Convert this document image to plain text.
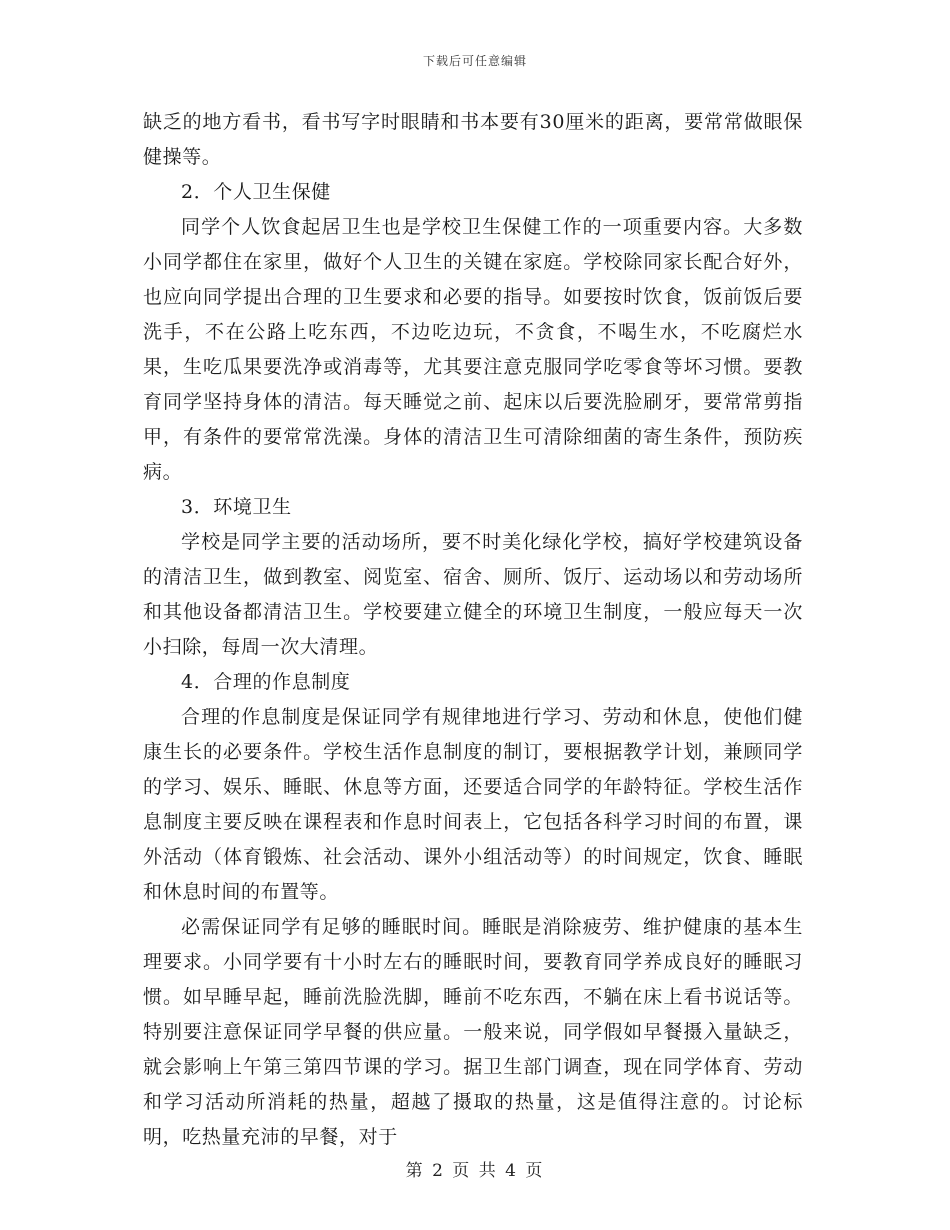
下载后可任意编辑

缺乏的地方看书，看书写字时眼睛和书本要有30厘米的距离，要常常做眼保健操等。

2．个人卫生保健

同学个人饮食起居卫生也是学校卫生保健工作的一项重要内容。大多数小同学都住在家里，做好个人卫生的关键在家庭。学校除同家长配合好外，也应向同学提出合理的卫生要求和必要的指导。如要按时饮食，饭前饭后要洗手，不在公路上吃东西，不边吃边玩，不贪食，不喝生水，不吃腐烂水果，生吃瓜果要洗净或消毒等，尤其要注意克服同学吃零食等坏习惯。要教育同学坚持身体的清洁。每天睡觉之前、起床以后要洗脸刷牙，要常常剪指甲，有条件的要常常洗澡。身体的清洁卫生可清除细菌的寄生条件，预防疾病。

3．环境卫生

学校是同学主要的活动场所，要不时美化绿化学校，搞好学校建筑设备的清洁卫生，做到教室、阅览室、宿舍、厕所、饭厅、运动场以和劳动场所和其他设备都清洁卫生。学校要建立健全的环境卫生制度，一般应每天一次小扫除，每周一次大清理。

4．合理的作息制度

合理的作息制度是保证同学有规律地进行学习、劳动和休息，使他们健康生长的必要条件。学校生活作息制度的制订，要根据教学计划，兼顾同学的学习、娱乐、睡眠、休息等方面，还要适合同学的年龄特征。学校生活作息制度主要反映在课程表和作息时间表上，它包括各科学习时间的布置，课外活动（体育锻炼、社会活动、课外小组活动等）的时间规定，饮食、睡眠和休息时间的布置等。

必需保证同学有足够的睡眠时间。睡眠是消除疲劳、维护健康的基本生理要求。小同学要有十小时左右的睡眠时间，要教育同学养成良好的睡眠习惯。如早睡早起，睡前洗脸洗脚，睡前不吃东西，不躺在床上看书说话等。特别要注意保证同学早餐的供应量。一般来说，同学假如早餐摄入量缺乏，就会影响上午第三第四节课的学习。据卫生部门调查，现在同学体育、劳动和学习活动所消耗的热量，超越了摄取的热量，这是值得注意的。讨论标明，吃热量充沛的早餐，对于

第 2 页 共 4 页
